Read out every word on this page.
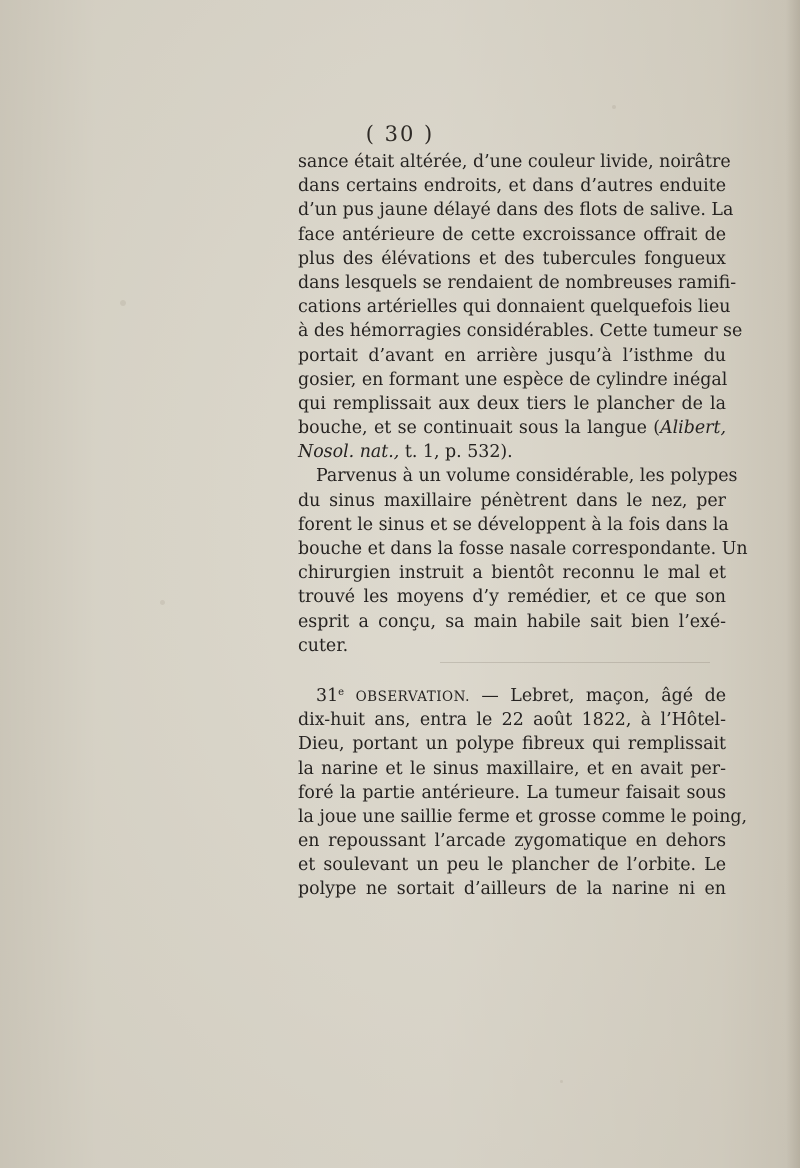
( 30 )
sance était altérée, d’une couleur livide, noirâtre
dans certains endroits, et dans d’autres enduite
d’un pus jaune délayé dans des flots de salive. La
face antérieure de cette excroissance offrait de
plus des élévations et des tubercules fongueux
dans lesquels se rendaient de nombreuses ramifi-
cations artérielles qui donnaient quelquefois lieu
à des hémorragies considérables. Cette tumeur se
portait d’avant en arrière jusqu’à l’isthme du
gosier, en formant une espèce de cylindre inégal
qui remplissait aux deux tiers le plancher de la
bouche, et se continuait sous la langue (Alibert,
Nosol. nat., t. 1, p. 532).
Parvenus à un volume considérable, les polypes
du sinus maxillaire pénètrent dans le nez, per
forent le sinus et se développent à la fois dans la
bouche et dans la fosse nasale correspondante. Un
chirurgien instruit a bientôt reconnu le mal et
trouvé les moyens d’y remédier, et ce que son
esprit a conçu, sa main habile sait bien l’exé-
cuter.
31e OBSERVATION. — Lebret, maçon, âgé de
dix-huit ans, entra le 22 août 1822, à l’Hôtel-
Dieu, portant un polype fibreux qui remplissait
la narine et le sinus maxillaire, et en avait per-
foré la partie antérieure. La tumeur faisait sous
la joue une saillie ferme et grosse comme le poing,
en repoussant l’arcade zygomatique en dehors
et soulevant un peu le plancher de l’orbite. Le
polype ne sortait d’ailleurs de la narine ni en
